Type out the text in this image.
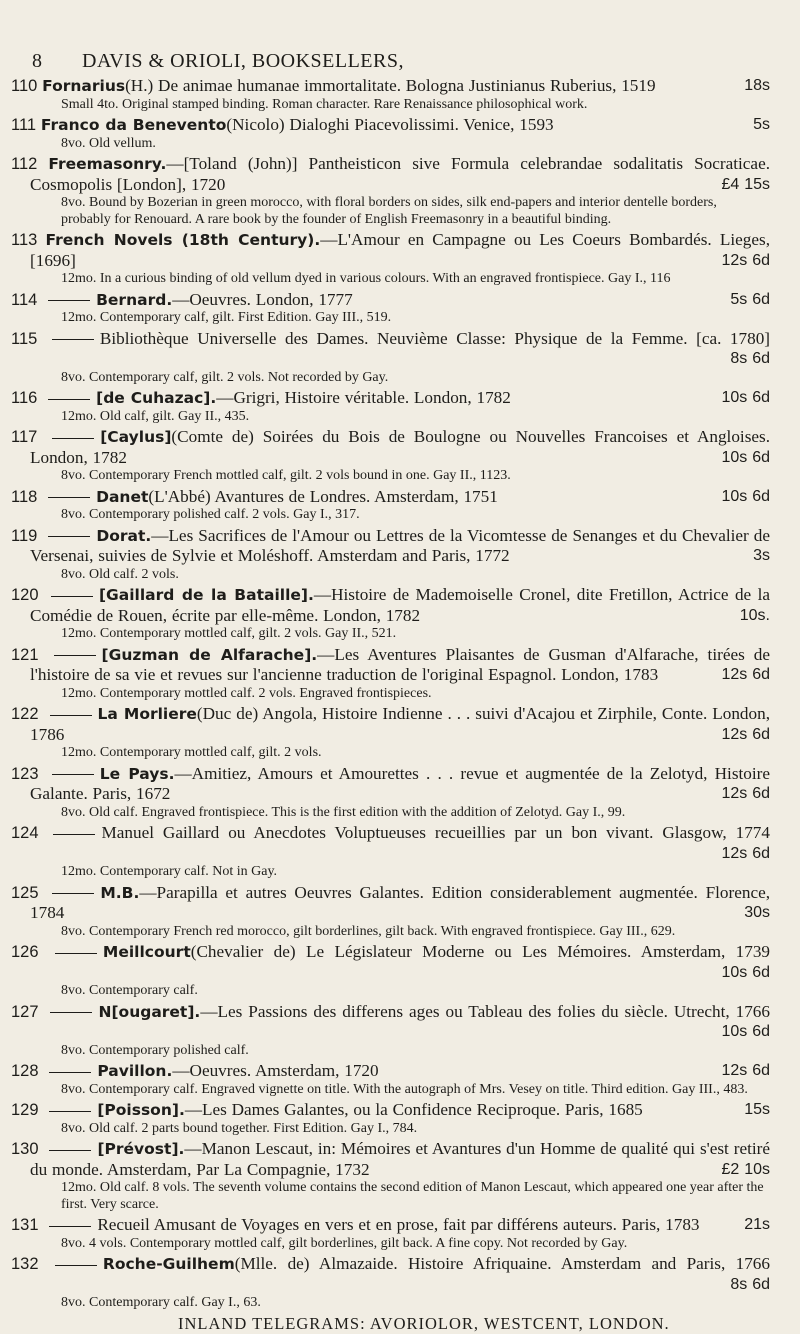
8	DAVIS & ORIOLI, BOOKSELLERS,
110 Fornarius(H.) De animae humanae immortalitate. Bologna Justinianus Ruberius, 1519	18s
Small 4to. Original stamped binding. Roman character. Rare Renaissance philosophical work.
111 Franco da Benevento(Nicolo) Dialoghi Piacevolissimi. Venice, 1593	5s
8vo. Old vellum.
112 Freemasonry.—[Toland (John)] Pantheisticon sive Formula celebrandae sodalitatis Socraticae. Cosmopolis [London], 1720	£4 15s
8vo. Bound by Bozerian in green morocco, with floral borders on sides, silk end-papers and interior dentelle borders, probably for Renouard. A rare book by the founder of English Freemasonry in a beautiful binding.
113 French Novels (18th Century).—L'Amour en Campagne ou Les Coeurs Bombardés. Lieges, [1696]	12s 6d
12mo. In a curious binding of old vellum dyed in various colours. With an engraved frontispiece. Gay I., 116
114	Bernard.—Oeuvres. London, 1777	5s 6d
12mo. Contemporary calf, gilt. First Edition. Gay III., 519.
115	Bibliothèque Universelle des Dames. Neuvième Classe: Physique de la Femme. [ca. 1780]
8s 6d
8vo. Contemporary calf, gilt. 2 vols. Not recorded by Gay.
116	[de Cuhazac].—Grigri, Histoire véritable. London, 1782	10s 6d
12mo. Old calf, gilt. Gay II., 435.
117	[Caylus](Comte de) Soirées du Bois de Boulogne ou Nouvelles Francoises et Angloises. London, 1782	10s 6d
8vo. Contemporary French mottled calf, gilt. 2 vols bound in one. Gay II., 1123.
118	Danet(L'Abbé) Avantures de Londres. Amsterdam, 1751	10s 6d
8vo. Contemporary polished calf. 2 vols. Gay I., 317.
119	Dorat.—Les Sacrifices de l'Amour ou Lettres de la Vicomtesse de Senanges et du Chevalier de Versenai, suivies de Sylvie et Moléshoff. Amsterdam and Paris, 1772	3s
8vo. Old calf. 2 vols.
120	[Gaillard de la Bataille].—Histoire de Mademoiselle Cronel, dite Fretillon, Actrice de la Comédie de Rouen, écrite par elle-même. London, 1782	10s.
12mo. Contemporary mottled calf, gilt. 2 vols. Gay II., 521.
121	[Guzman de Alfarache].—Les Aventures Plaisantes de Gusman d'Alfarache, tirées de l'histoire de sa vie et revues sur l'ancienne traduction de l'original Espagnol. London, 1783	12s 6d
12mo. Contemporary mottled calf. 2 vols. Engraved frontispieces.
122	La Morliere(Duc de) Angola, Histoire Indienne . . . suivi d'Acajou et Zirphile, Conte. London, 1786	12s 6d
12mo. Contemporary mottled calf, gilt. 2 vols.
123	Le Pays.—Amitiez, Amours et Amourettes . . . revue et augmentée de la Zelotyd, Histoire Galante. Paris, 1672	12s 6d
8vo. Old calf. Engraved frontispiece. This is the first edition with the addition of Zelotyd. Gay I., 99.
124	Manuel Gaillard ou Anecdotes Voluptueuses recueillies par un bon vivant. Glasgow, 1774
12s 6d
12mo. Contemporary calf. Not in Gay.
125	M.B.—Parapilla et autres Oeuvres Galantes. Edition considerablement augmentée. Florence, 1784	30s
8vo. Contemporary French red morocco, gilt borderlines, gilt back. With engraved frontispiece. Gay III., 629.
126	Meillcourt(Chevalier de) Le Législateur Moderne ou Les Mémoires. Amsterdam, 1739
10s 6d
8vo. Contemporary calf.
127	N[ougaret].—Les Passions des differens ages ou Tableau des folies du siècle. Utrecht, 1766
10s 6d
8vo. Contemporary polished calf.
128	Pavillon.—Oeuvres. Amsterdam, 1720	12s 6d
8vo. Contemporary calf. Engraved vignette on title. With the autograph of Mrs. Vesey on title. Third edition. Gay III., 483.
129	[Poisson].—Les Dames Galantes, ou la Confidence Reciproque. Paris, 1685	15s
8vo. Old calf. 2 parts bound together. First Edition. Gay I., 784.
130	[Prévost].—Manon Lescaut, in: Mémoires et Avantures d'un Homme de qualité qui s'est retiré du monde. Amsterdam, Par La Compagnie, 1732	£2 10s
12mo. Old calf. 8 vols. The seventh volume contains the second edition of Manon Lescaut, which appeared one year after the first. Very scarce.
131	Recueil Amusant de Voyages en vers et en prose, fait par différens auteurs. Paris, 1783	21s
8vo. 4 vols. Contemporary mottled calf, gilt borderlines, gilt back. A fine copy. Not recorded by Gay.
132	Roche-Guilhem(Mlle. de) Almazaide. Histoire Afriquaine. Amsterdam and Paris, 1766
8s 6d
8vo. Contemporary calf. Gay I., 63.
INLAND TELEGRAMS: AVORIOLOR, WESTCENT, LONDON.
